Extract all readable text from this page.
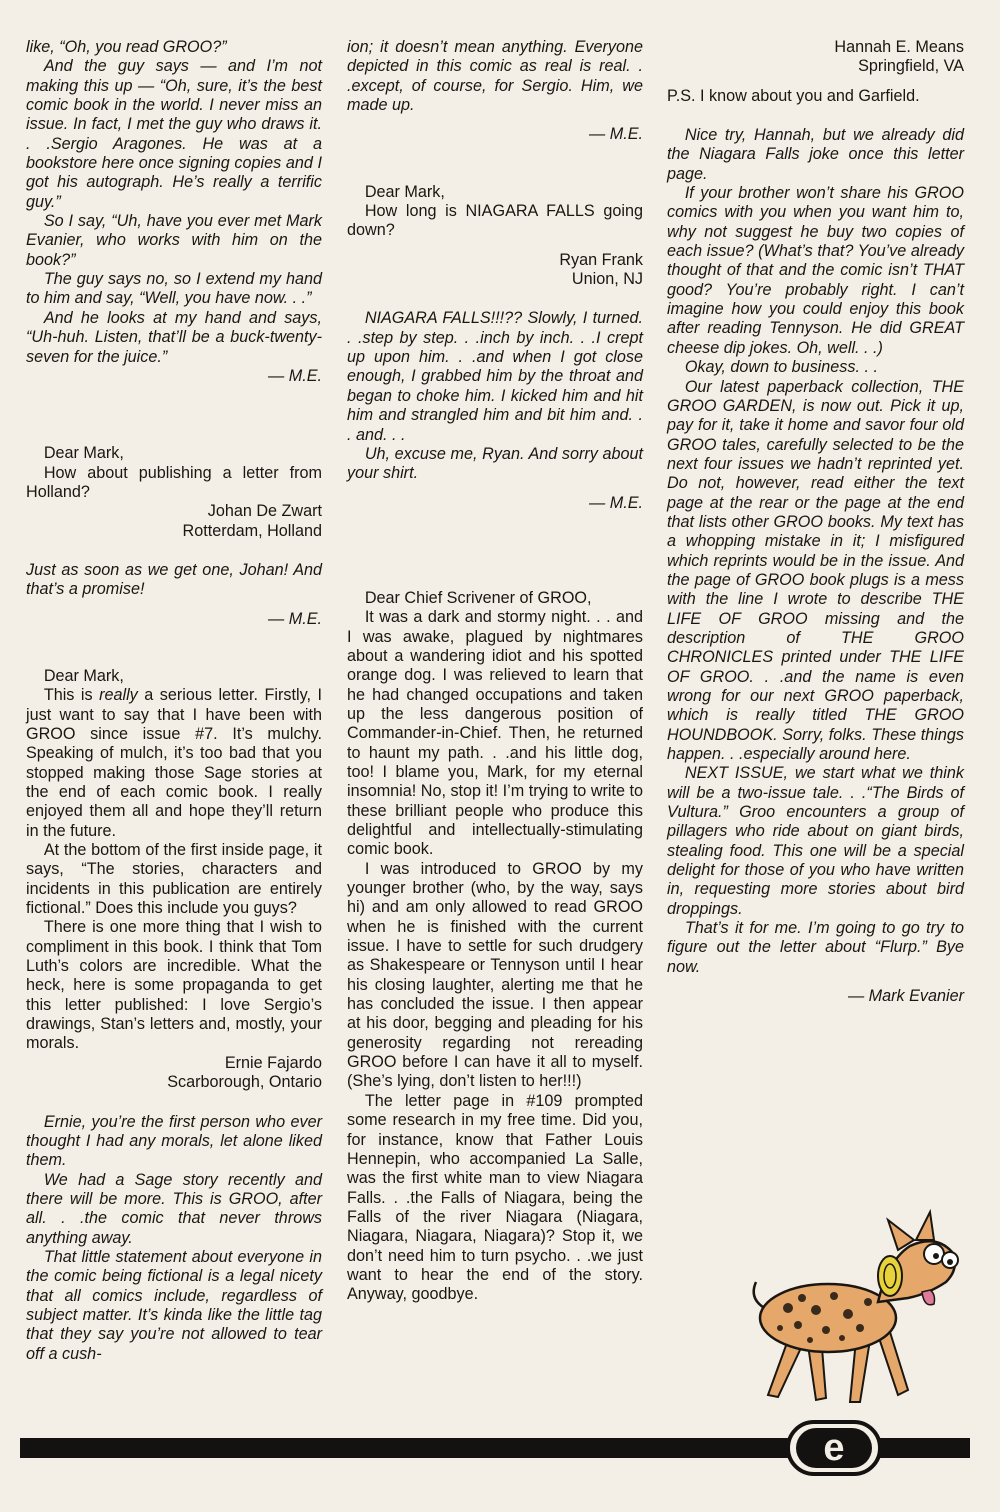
like, “Oh, you read GROO?”

And the guy says — and I’m not making this up — “Oh, sure, it’s the best comic book in the world. I never miss an issue. In fact, I met the guy who draws it. . .Sergio Aragones. He was at a bookstore here once signing copies and I got his autograph. He’s really a terrific guy.”

So I say, “Uh, have you ever met Mark Evanier, who works with him on the book?”

The guy says no, so I extend my hand to him and say, “Well, you have now. . .”

And he looks at my hand and says, “Uh-huh. Listen, that’ll be a buck-twenty-seven for the juice.”

— M.E.

Dear Mark,

How about publishing a letter from Holland?

Johan De Zwart
Rotterdam, Holland

Just as soon as we get one, Johan! And that’s a promise!

— M.E.

Dear Mark,

This is really a serious letter. Firstly, I just want to say that I have been with GROO since issue #7. It’s mulchy. Speaking of mulch, it’s too bad that you stopped making those Sage stories at the end of each comic book. I really enjoyed them all and hope they’ll return in the future.

At the bottom of the first inside page, it says, “The stories, characters and incidents in this publication are entirely fictional.” Does this include you guys?

There is one more thing that I wish to compliment in this book. I think that Tom Luth’s colors are incredible. What the heck, here is some propaganda to get this letter published: I love Sergio’s drawings, Stan’s letters and, mostly, your morals.

Ernie Fajardo
Scarborough, Ontario

Ernie, you’re the first person who ever thought I had any morals, let alone liked them.

We had a Sage story recently and there will be more. This is GROO, after all. . .the comic that never throws anything away.

That little statement about everyone in the comic being fictional is a legal nicety that all comics include, regardless of subject matter. It’s kinda like the little tag that they say you’re not allowed to tear off a cush-

ion; it doesn’t mean anything. Everyone depicted in this comic as real is real. . .except, of course, for Sergio. Him, we made up.

— M.E.

Dear Mark,

How long is NIAGARA FALLS going down?

Ryan Frank
Union, NJ

NIAGARA FALLS!!!?? Slowly, I turned. . .step by step. . .inch by inch. . .I crept up upon him. . .and when I got close enough, I grabbed him by the throat and began to choke him. I kicked him and hit him and strangled him and bit him and. . . and. . .

Uh, excuse me, Ryan. And sorry about your shirt.

— M.E.

Dear Chief Scrivener of GROO,

It was a dark and stormy night. . . and I was awake, plagued by nightmares about a wandering idiot and his spotted orange dog. I was relieved to learn that he had changed occupations and taken up the less dangerous position of Commander-in-Chief. Then, he returned to haunt my path. . .and his little dog, too! I blame you, Mark, for my eternal insomnia! No, stop it! I’m trying to write to these brilliant people who produce this delightful and intellectually-stimulating comic book.

I was introduced to GROO by my younger brother (who, by the way, says hi) and am only allowed to read GROO when he is finished with the current issue. I have to settle for such drudgery as Shakespeare or Tennyson until I hear his closing laughter, alerting me that he has concluded the issue. I then appear at his door, begging and pleading for his generosity regarding not rereading GROO before I can have it all to myself. (She’s lying, don’t listen to her!!!)

The letter page in #109 prompted some research in my free time. Did you, for instance, know that Father Louis Hennepin, who accompanied La Salle, was the first white man to view Niagara Falls. . .the Falls of Niagara, being the Falls of the river Niagara (Niagara, Niagara, Niagara, Niagara)? Stop it, we don’t need him to turn psycho. . .we just want to hear the end of the story. Anyway, goodbye.

Hannah E. Means
Springfield, VA

P.S. I know about you and Garfield.

Nice try, Hannah, but we already did the Niagara Falls joke once this letter page.

If your brother won’t share his GROO comics with you when you want him to, why not suggest he buy two copies of each issue? (What’s that? You’ve already thought of that and the comic isn’t THAT good? You’re probably right. I can’t imagine how you could enjoy this book after reading Tennyson. He did GREAT cheese dip jokes. Oh, well. . .)

Okay, down to business. . .

Our latest paperback collection, THE GROO GARDEN, is now out. Pick it up, pay for it, take it home and savor four old GROO tales, carefully selected to be the next four issues we hadn’t reprinted yet. Do not, however, read either the text page at the rear or the page at the end that lists other GROO books. My text has a whopping mistake in it; I misfigured which reprints would be in the issue. And the page of GROO book plugs is a mess with the line I wrote to describe THE LIFE OF GROO missing and the description of THE GROO CHRONICLES printed under THE LIFE OF GROO. . .and the name is even wrong for our next GROO paperback, which is really titled THE GROO HOUNDBOOK. Sorry, folks. These things happen. . .especially around here.

NEXT ISSUE, we start what we think will be a two-issue tale. . .“The Birds of Vultura.” Groo encounters a group of pillagers who ride about on giant birds, stealing food. This one will be a special delight for those of you who have written in, requesting more stories about bird droppings.

That’s it for me. I’m going to go try to figure out the letter about “Flurp.” Bye now.

— Mark Evanier

e
